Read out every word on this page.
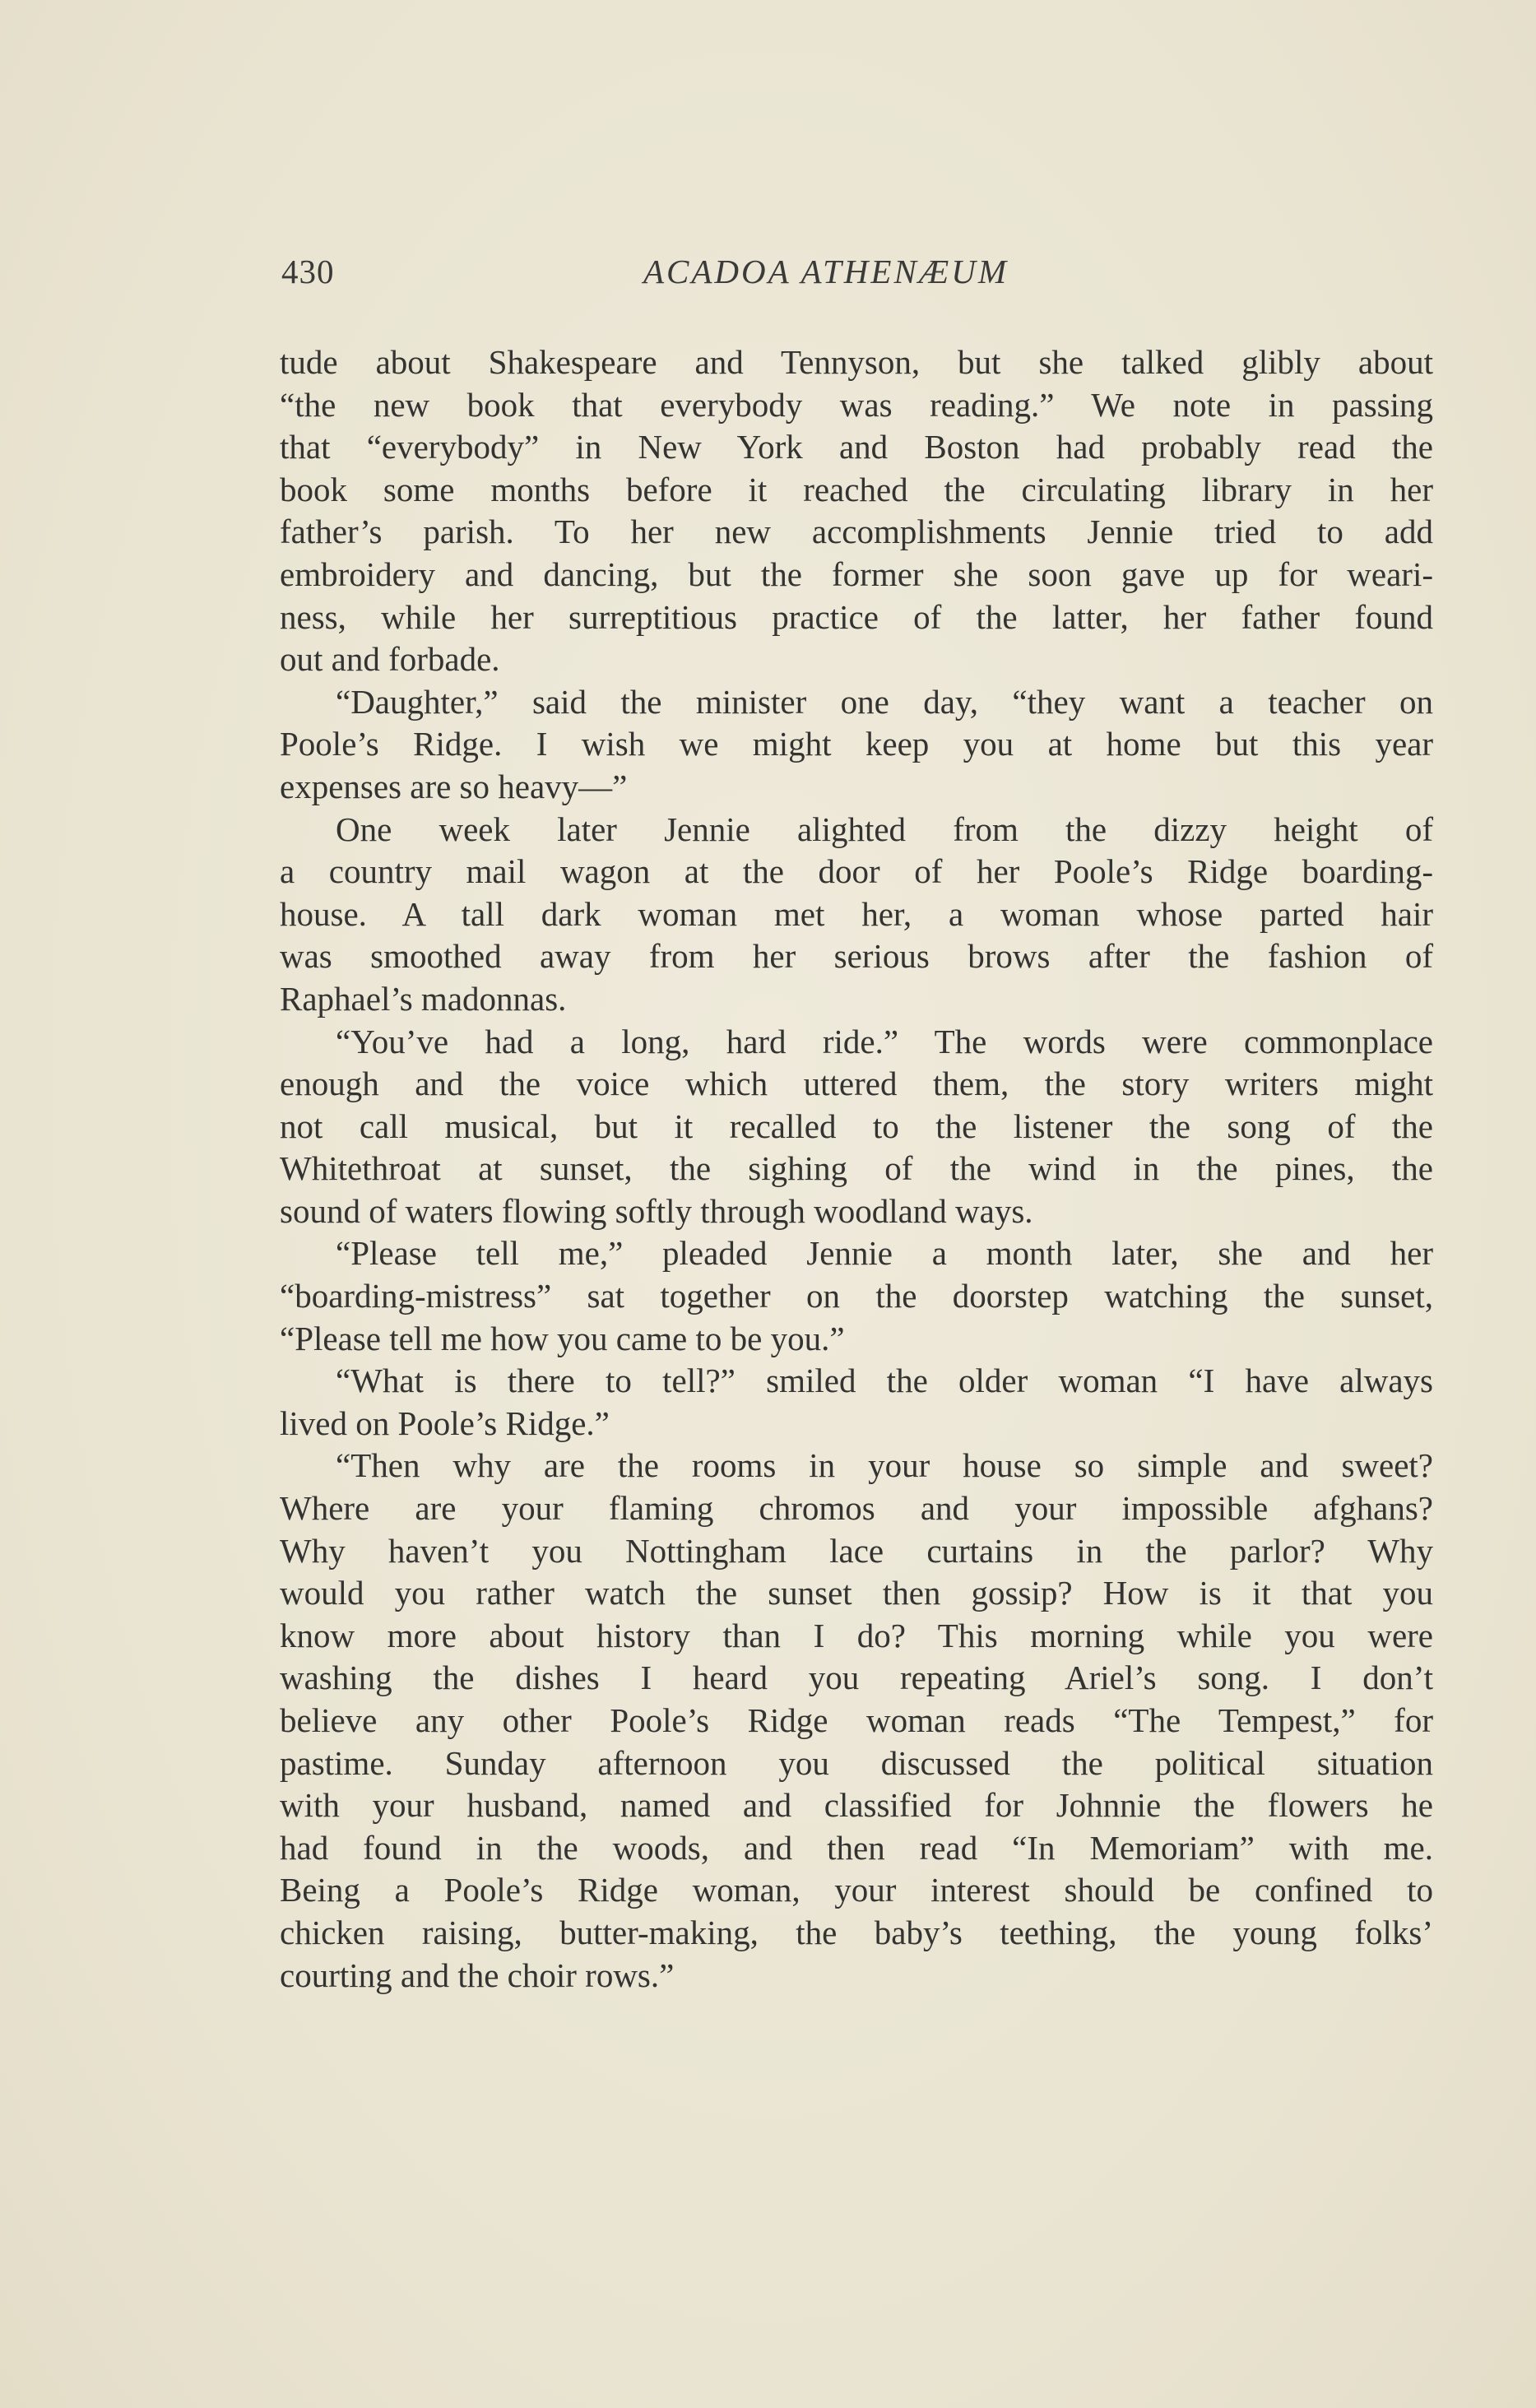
430	ACADOA ATHENÆUM
tude about Shakespeare and Tennyson, but she talked glibly about
“the new book that everybody was reading.” We note in passing
that “everybody” in New York and Boston had probably read the
book some months before it reached the circulating library in her
father’s parish. To her new accomplishments Jennie tried to add
embroidery and dancing, but the former she soon gave up for weari-
ness, while her surreptitious practice of the latter, her father found
out and forbade.
“Daughter,” said the minister one day, “they want a teacher on
Poole’s Ridge. I wish we might keep you at home but this year
expenses are so heavy—”
One week later Jennie alighted from the dizzy height of
a country mail wagon at the door of her Poole’s Ridge boarding-
house. A tall dark woman met her, a woman whose parted hair
was smoothed away from her serious brows after the fashion of
Raphael’s madonnas.
“You’ve had a long, hard ride.” The words were commonplace
enough and the voice which uttered them, the story writers might
not call musical, but it recalled to the listener the song of the
Whitethroat at sunset, the sighing of the wind in the pines, the
sound of waters flowing softly through woodland ways.
“Please tell me,” pleaded Jennie a month later, she and her
“boarding-mistress” sat together on the doorstep watching the sunset,
“Please tell me how you came to be you.”
“What is there to tell?” smiled the older woman “I have always
lived on Poole’s Ridge.”
“Then why are the rooms in your house so simple and sweet?
Where are your flaming chromos and your impossible afghans?
Why haven’t you Nottingham lace curtains in the parlor? Why
would you rather watch the sunset then gossip? How is it that you
know more about history than I do? This morning while you were
washing the dishes I heard you repeating Ariel’s song. I don’t
believe any other Poole’s Ridge woman reads “The Tempest,” for
pastime. Sunday afternoon you discussed the political situation
with your husband, named and classified for Johnnie the flowers he
had found in the woods, and then read “In Memoriam” with me.
Being a Poole’s Ridge woman, your interest should be confined to
chicken raising, butter-making, the baby’s teething, the young folks’
courting and the choir rows.”
